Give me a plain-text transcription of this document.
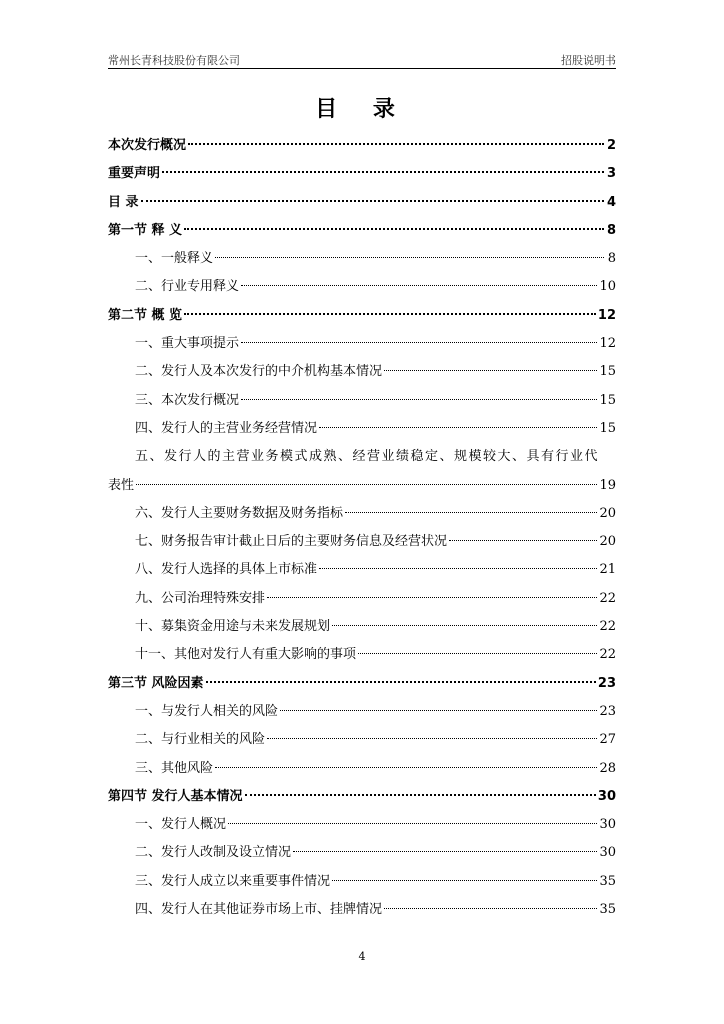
常州长青科技股份有限公司	招股说明书
目 录
本次发行概况	2
重要声明	3
目 录	4
第一节 释 义	8
一、一般释义	8
二、行业专用释义	10
第二节 概 览	12
一、重大事项提示	12
二、发行人及本次发行的中介机构基本情况	15
三、本次发行概况	15
四、发行人的主营业务经营情况	15
五、发行人的主营业务模式成熟、经营业绩稳定、规模较大、具有行业代
表性	19
六、发行人主要财务数据及财务指标	20
七、财务报告审计截止日后的主要财务信息及经营状况	20
八、发行人选择的具体上市标准	21
九、公司治理特殊安排	22
十、募集资金用途与未来发展规划	22
十一、其他对发行人有重大影响的事项	22
第三节 风险因素	23
一、与发行人相关的风险	23
二、与行业相关的风险	27
三、其他风险	28
第四节 发行人基本情况	30
一、发行人概况	30
二、发行人改制及设立情况	30
三、发行人成立以来重要事件情况	35
四、发行人在其他证券市场上市、挂牌情况	35
4
